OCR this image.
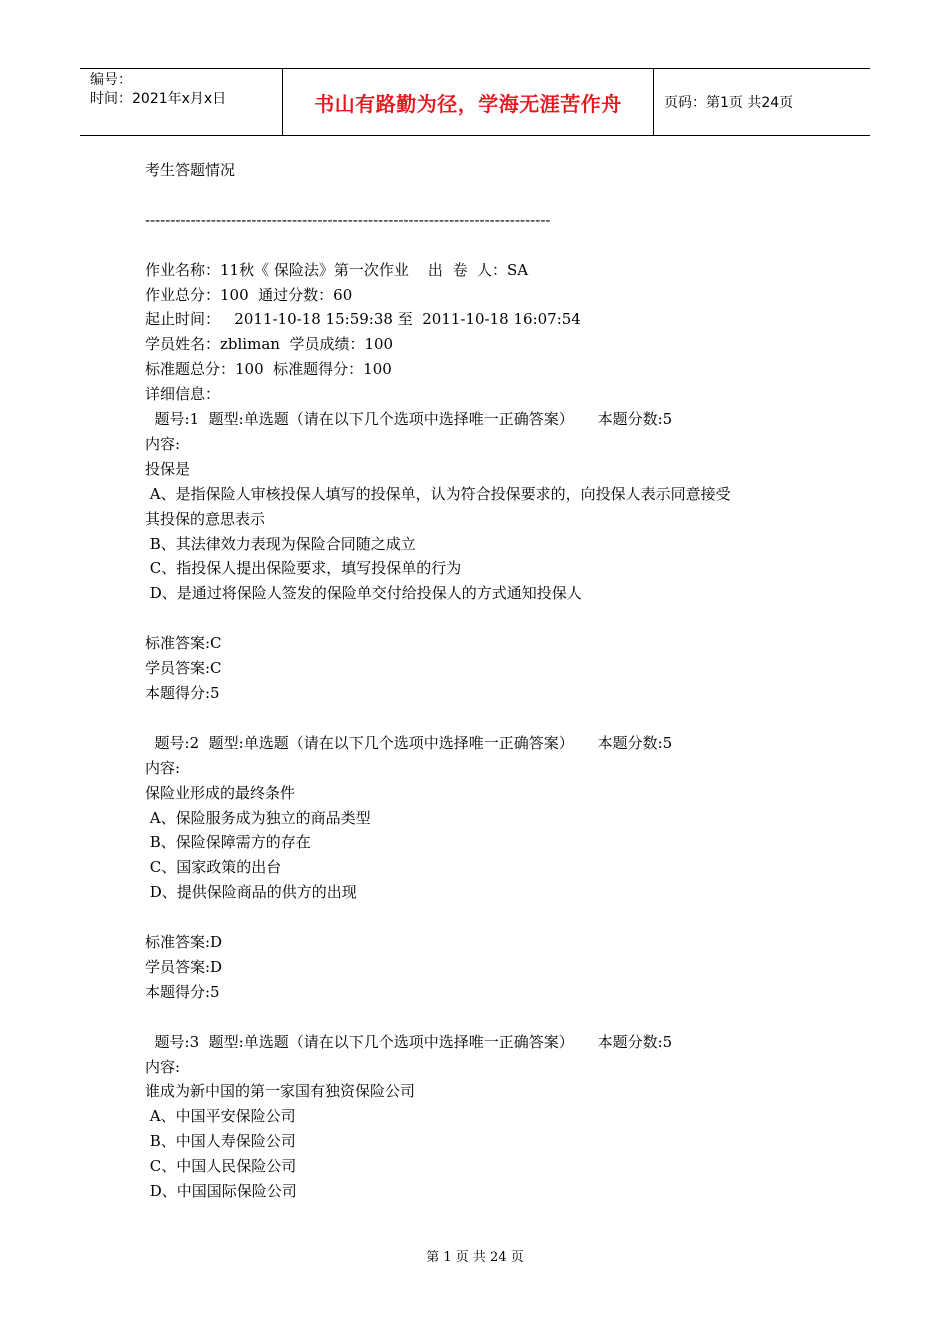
编号：
时间：2021年x月x日	书山有路勤为径，学海无涯苦作舟	页码：第1页 共24页
考生答题情况
--------------------------------------------------------------------------------
作业名称：11秋《 保险法》第一次作业    出  卷  人：SA
作业总分：100  通过分数：60
起止时间：   2011-10-18 15:59:38 至  2011-10-18 16:07:54
学员姓名：zbliman  学员成绩：100
标准题总分：100  标准题得分：100
详细信息：
题号:1  题型:单选题（请在以下几个选项中选择唯一正确答案）     本题分数:5
内容:
投保是
A、是指保险人审核投保人填写的投保单，认为符合投保要求的，向投保人表示同意接受
其投保的意思表示
B、其法律效力表现为保险合同随之成立
C、指投保人提出保险要求，填写投保单的行为
D、是通过将保险人签发的保险单交付给投保人的方式通知投保人
标准答案:C
学员答案:C
本题得分:5
题号:2  题型:单选题（请在以下几个选项中选择唯一正确答案）     本题分数:5
内容:
保险业形成的最终条件
A、保险服务成为独立的商品类型
B、保险保障需方的存在
C、国家政策的出台
D、提供保险商品的供方的出现
标准答案:D
学员答案:D
本题得分:5
题号:3  题型:单选题（请在以下几个选项中选择唯一正确答案）     本题分数:5
内容:
谁成为新中国的第一家国有独资保险公司
A、中国平安保险公司
B、中国人寿保险公司
C、中国人民保险公司
D、中国国际保险公司
第 1 页 共 24 页
